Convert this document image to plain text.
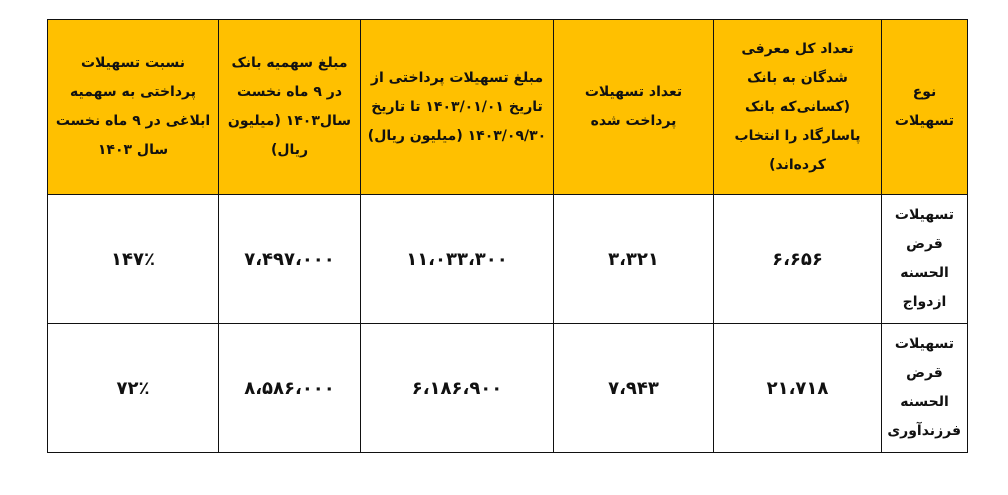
نوع تسهیلات	تعداد کل معرفی شدگان به بانک (کسانی‌که بانک پاسارگاد را انتخاب کرده‌اند)	تعداد تسهیلات پرداخت شده	مبلغ تسهیلات پرداختی از تاریخ ۱۴۰۳/۰۱/۰۱ تا تاریخ ۱۴۰۳/۰۹/۳۰ (میلیون ریال)	مبلغ سهمیه بانک در ۹ ماه نخست سال۱۴۰۳ (میلیون ریال)	نسبت تسهیلات پرداختی به سهمیه ابلاغی در ۹ ماه نخست سال ۱۴۰۳
تسهیلات قرض الحسنه ازدواج	۶،۶۵۶	۳،۳۲۱	۱۱،۰۳۳،۳۰۰	۷،۴۹۷،۰۰۰	۱۴۷٪
تسهیلات قرض الحسنه فرزندآوری	۲۱،۷۱۸	۷،۹۴۳	۶،۱۸۶،۹۰۰	۸،۵۸۶،۰۰۰	۷۲٪
